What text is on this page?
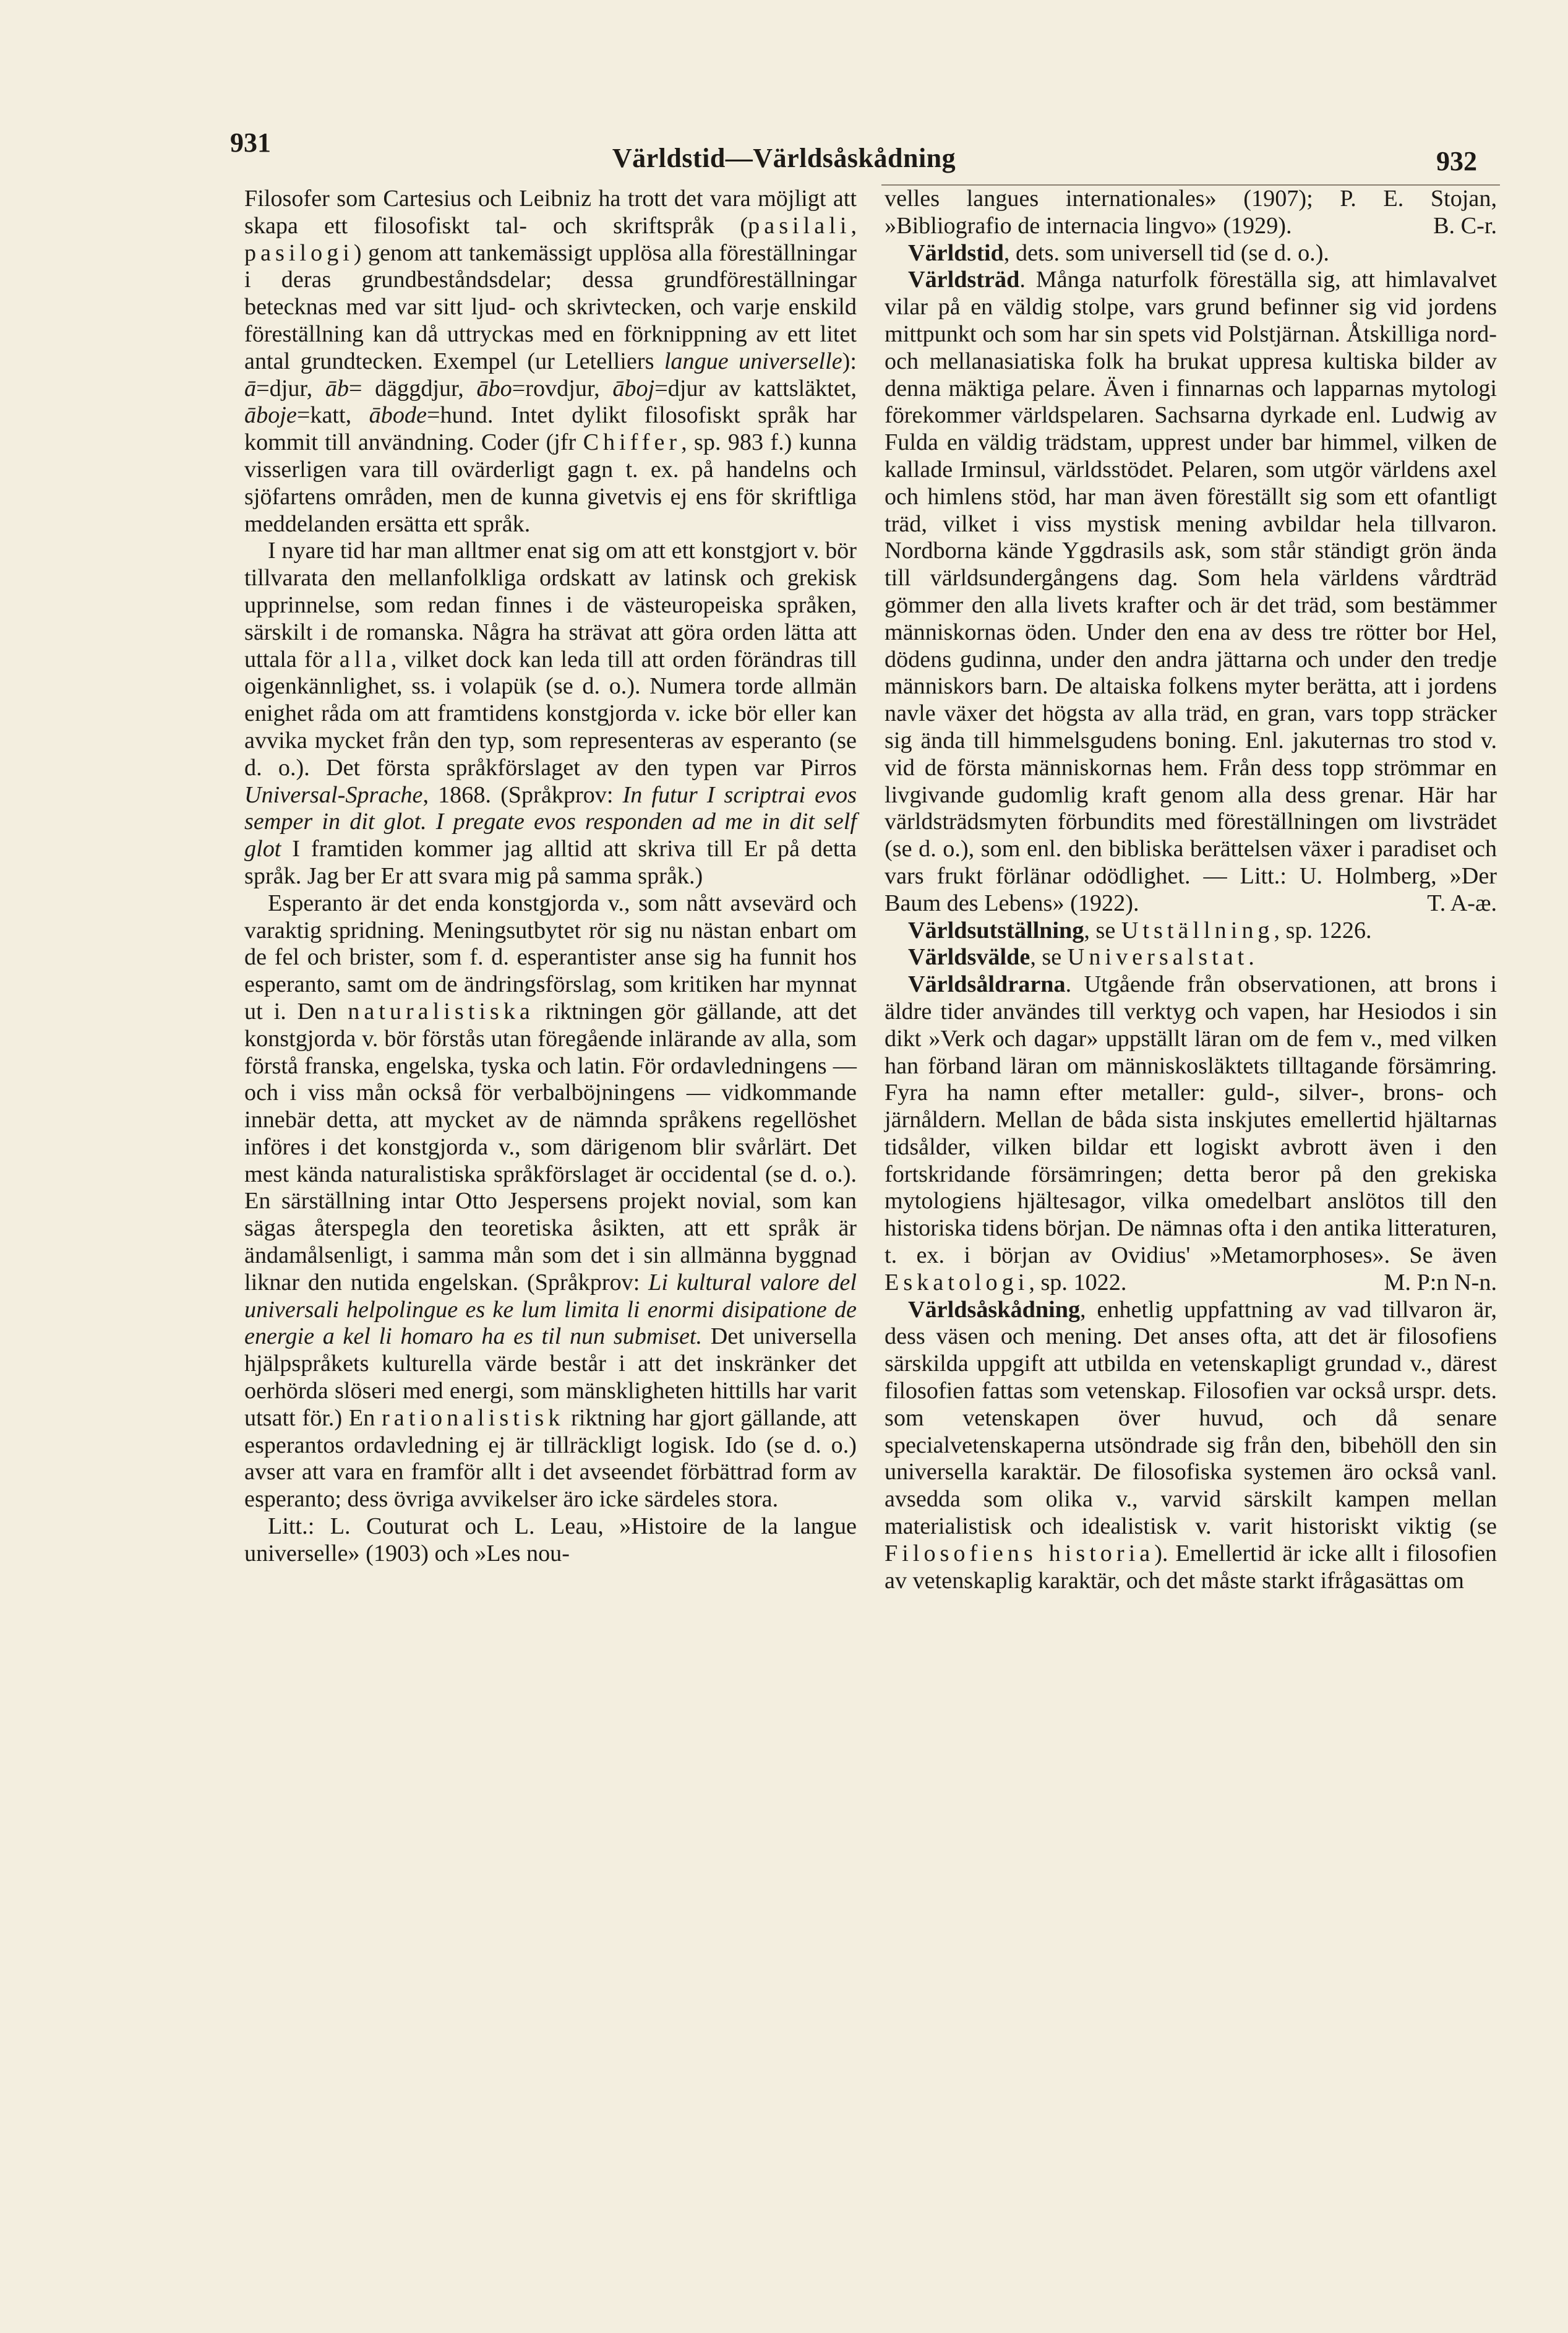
931
Världstid—Världsåskådning	932

Filosofer som Cartesius och Leibniz ha trott det vara möjligt att skapa ett filosofiskt tal- och skriftspråk (pasilali, pasilogi) genom att tankemässigt upplösa alla föreställningar i deras grundbeståndsdelar; dessa grundföreställningar betecknas med var sitt ljud- och skrivtecken, och varje enskild föreställning kan då uttryckas med en förknippning av ett litet antal grundtecken. Exempel (ur Letelliers langue universelle): ā=djur, āb= däggdjur, ābo=rovdjur, āboj=djur av kattsläktet, āboje=katt, ābode=hund. Intet dylikt filosofiskt språk har kommit till användning. Coder (jfr Chiffer, sp. 983 f.) kunna visserligen vara till ovärderligt gagn t. ex. på handelns och sjöfartens områden, men de kunna givetvis ej ens för skriftliga meddelanden ersätta ett språk.

I nyare tid har man alltmer enat sig om att ett konstgjort v. bör tillvarata den mellanfolkliga ordskatt av latinsk och grekisk upprinnelse, som redan finnes i de västeuropeiska språken, särskilt i de romanska. Några ha strävat att göra orden lätta att uttala för alla, vilket dock kan leda till att orden förändras till oigenkännlighet, ss. i volapük (se d. o.). Numera torde allmän enighet råda om att framtidens konstgjorda v. icke bör eller kan avvika mycket från den typ, som representeras av esperanto (se d. o.). Det första språkförslaget av den typen var Pirros Universal-Sprache, 1868. (Språkprov: In futur I scriptrai evos semper in dit glot. I pregate evos responden ad me in dit self glot I framtiden kommer jag alltid att skriva till Er på detta språk. Jag ber Er att svara mig på samma språk.)

Esperanto är det enda konstgjorda v., som nått avsevärd och varaktig spridning. Meningsutbytet rör sig nu nästan enbart om de fel och brister, som f. d. esperantister anse sig ha funnit hos esperanto, samt om de ändringsförslag, som kritiken har mynnat ut i. Den naturalistiska riktningen gör gällande, att det konstgjorda v. bör förstås utan föregående inlärande av alla, som förstå franska, engelska, tyska och latin. För ordavledningens — och i viss mån också för verbalböjningens — vidkommande innebär detta, att mycket av de nämnda språkens regellöshet införes i det konstgjorda v., som därigenom blir svårlärt. Det mest kända naturalistiska språkförslaget är occidental (se d. o.). En särställning intar Otto Jespersens projekt novial, som kan sägas återspegla den teoretiska åsikten, att ett språk är ändamålsenligt, i samma mån som det i sin allmänna byggnad liknar den nutida engelskan. (Språkprov: Li kultural valore del universali helpolingue es ke lum limita li enormi disipatione de energie a kel li homaro ha es til nun submiset. Det universella hjälpspråkets kulturella värde består i att det inskränker det oerhörda slöseri med energi, som mänskligheten hittills har varit utsatt för.) En rationalistisk riktning har gjort gällande, att esperantos ordavledning ej är tillräckligt logisk. Ido (se d. o.) avser att vara en framför allt i det avseendet förbättrad form av esperanto; dess övriga avvikelser äro icke särdeles stora.

Litt.: L. Couturat och L. Leau, »Histoire de la langue universelle» (1903) och »Les nou-

velles langues internationales» (1907); P. E. Stojan, »Bibliografio de internacia lingvo» (1929).	B. C-r.

Världstid, dets. som universell tid (se d. o.).

Världsträd. Många naturfolk föreställa sig, att himlavalvet vilar på en väldig stolpe, vars grund befinner sig vid jordens mittpunkt och som har sin spets vid Polstjärnan. Åtskilliga nord- och mellanasiatiska folk ha brukat uppresa kultiska bilder av denna mäktiga pelare. Även i finnarnas och lapparnas mytologi förekommer världspelaren. Sachsarna dyrkade enl. Ludwig av Fulda en väldig trädstam, upprest under bar himmel, vilken de kallade Irminsul, världsstödet. Pelaren, som utgör världens axel och himlens stöd, har man även föreställt sig som ett ofantligt träd, vilket i viss mystisk mening avbildar hela tillvaron. Nordborna kände Yggdrasils ask, som står ständigt grön ända till världsundergångens dag. Som hela världens vårdträd gömmer den alla livets krafter och är det träd, som bestämmer människornas öden. Under den ena av dess tre rötter bor Hel, dödens gudinna, under den andra jättarna och under den tredje människors barn. De altaiska folkens myter berätta, att i jordens navle växer det högsta av alla träd, en gran, vars topp sträcker sig ända till himmelsgudens boning. Enl. jakuternas tro stod v. vid de första människornas hem. Från dess topp strömmar en livgivande gudomlig kraft genom alla dess grenar. Här har världsträdsmyten förbundits med föreställningen om livsträdet (se d. o.), som enl. den bibliska berättelsen växer i paradiset och vars frukt förlänar odödlighet. — Litt.: U. Holmberg, »Der Baum des Lebens» (1922).	T. A-æ.

Världsutställning, se Utställning, sp. 1226.

Världsvälde, se Universalstat.

Världsåldrarna. Utgående från observationen, att brons i äldre tider användes till verktyg och vapen, har Hesiodos i sin dikt »Verk och dagar» uppställt läran om de fem v., med vilken han förband läran om människosläktets tilltagande försämring. Fyra ha namn efter metaller: guld-, silver-, brons- och järnåldern. Mellan de båda sista inskjutes emellertid hjältarnas tidsålder, vilken bildar ett logiskt avbrott även i den fortskridande försämringen; detta beror på den grekiska mytologiens hjältesagor, vilka omedelbart anslötos till den historiska tidens början. De nämnas ofta i den antika litteraturen, t. ex. i början av Ovidius' »Metamorphoses». Se även Eskatologi, sp. 1022.	M. P:n N-n.

Världsåskådning, enhetlig uppfattning av vad tillvaron är, dess väsen och mening. Det anses ofta, att det är filosofiens särskilda uppgift att utbilda en vetenskapligt grundad v., därest filosofien fattas som vetenskap. Filosofien var också urspr. dets. som vetenskapen över huvud, och då senare specialvetenskaperna utsöndrade sig från den, bibehöll den sin universella karaktär. De filosofiska systemen äro också vanl. avsedda som olika v., varvid särskilt kampen mellan materialistisk och idealistisk v. varit historiskt viktig (se Filosofiens historia). Emellertid är icke allt i filosofien av vetenskaplig karaktär, och det måste starkt ifrågasättas om
